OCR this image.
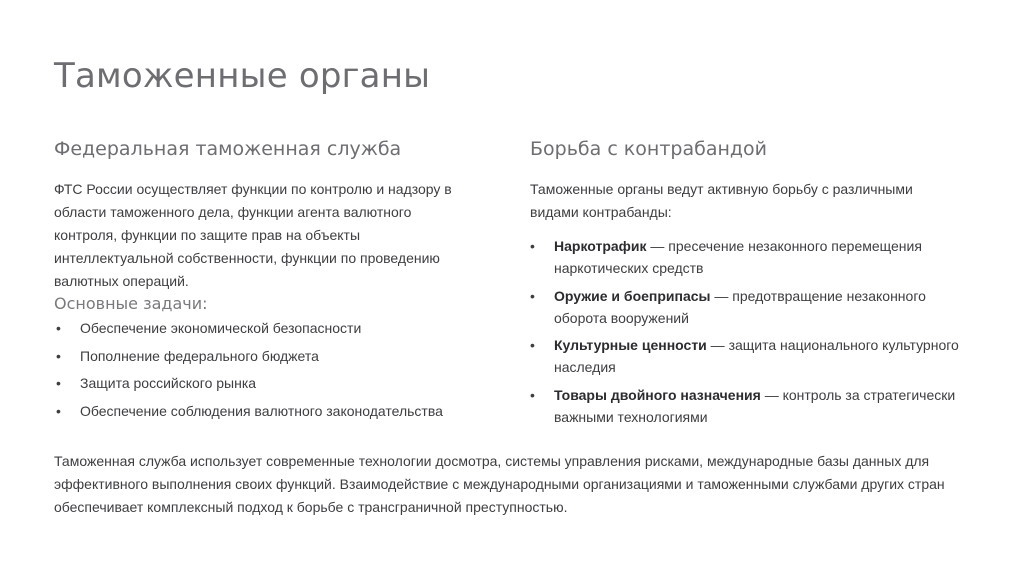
Таможенные органы
Федеральная таможенная служба
ФТС России осуществляет функции по контролю и надзору в области таможенного дела, функции агента валютного контроля, функции по защите прав на объекты интеллектуальной собственности, функции по проведению валютных операций.
Основные задачи:
• Обеспечение экономической безопасности
• Пополнение федерального бюджета
• Защита российского рынка
• Обеспечение соблюдения валютного законодательства
Борьба с контрабандой
Таможенные органы ведут активную борьбу с различными видами контрабанды:
• Наркотрафик — пресечение незаконного перемещения наркотических средств
• Оружие и боеприпасы — предотвращение незаконного оборота вооружений
• Культурные ценности — защита национального культурного наследия
• Товары двойного назначения — контроль за стратегически важными технологиями
Таможенная служба использует современные технологии досмотра, системы управления рисками, международные базы данных для эффективного выполнения своих функций. Взаимодействие с международными организациями и таможенными службами других стран обеспечивает комплексный подход к борьбе с трансграничной преступностью.
